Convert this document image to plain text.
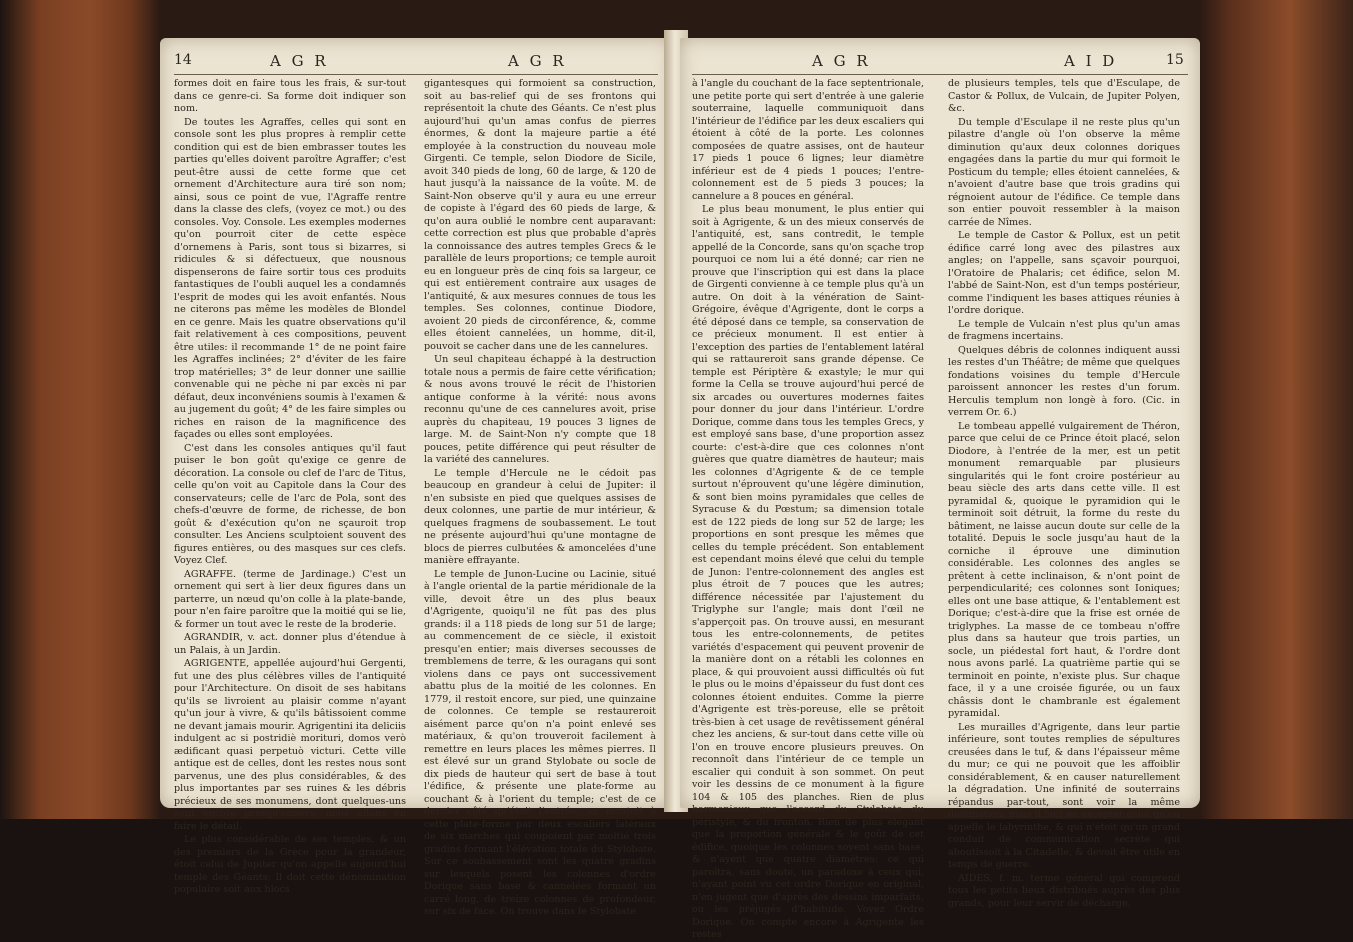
14	A G R	A G R

formes doit en faire tous les frais, & sur-tout dans ce genre-ci. Sa forme doit indiquer son nom.

De toutes les Agraffes, celles qui sont en console sont les plus propres à remplir cette condition qui est de bien embrasser toutes les parties qu'elles doivent paroître Agraffer; c'est peut-être aussi de cette forme que cet ornement d'Architecture aura tiré son nom; ainsi, sous ce point de vue, l'Agraffe rentre dans la classe des clefs, (voyez ce mot.) ou des consoles. Voy. Console. Les exemples modernes qu'on pourroit citer de cette espèce d'ornemens à Paris, sont tous si bizarres, si ridicules & si défectueux, que nousnous dispenserons de faire sortir tous ces produits fantastiques de l'oubli auquel les a condamnés l'esprit de modes qui les avoit enfantés. Nous ne citerons pas même les modèles de Blondel en ce genre. Mais les quatre observations qu'il fait relativement à ces compositions, peuvent être utiles: il recommande 1° de ne point faire les Agraffes inclinées; 2° d'éviter de les faire trop matérielles; 3° de leur donner une saillie convenable qui ne pèche ni par excès ni par défaut, deux inconvéniens soumis à l'examen & au jugement du goût; 4° de les faire simples ou riches en raison de la magnificence des façades ou elles sont employées.

C'est dans les consoles antiques qu'il faut puiser le bon goût qu'exige ce genre de décoration. La console ou clef de l'arc de Titus, celle qu'on voit au Capitole dans la Cour des conservateurs; celle de l'arc de Pola, sont des chefs-d'œuvre de forme, de richesse, de bon goût & d'exécution qu'on ne sçauroit trop consulter. Les Anciens sculptoient souvent des figures entières, ou des masques sur ces clefs. Voyez Clef.

AGRAFFE. (terme de Jardinage.) C'est un ornement qui sert à lier deux figures dans un parterre, un nœud qu'on colle à la plate-bande, pour n'en faire paroître que la moitié qui se lie, & former un tout avec le reste de la broderie.

AGRANDIR, v. act. donner plus d'étendue à un Palais, à un Jardin.

AGRIGENTE, appellée aujourd'hui Gergenti, fut une des plus célèbres villes de l'antiquité pour l'Architecture. On disoit de ses habitans qu'ils se livroient au plaisir comme n'ayant qu'un jour à vivre, & qu'ils bâtissoient comme ne devant jamais mourir. Agrigentini ita deliciis indulgent ac si postridiè morituri, domos verò ædificant quasi perpetuò victuri. Cette ville antique est de celles, dont les restes nous sont parvenus, une des plus considérables, & des plus importantes par ses ruines & les débris précieux de ses monumens, dont quelques-uns sont encore presqu'entiers; nous allons en faire le détail.

Le plus considérable de ses temples, & un des premiers de la Grèce pour la grandeur, étoit celui de Jupiter qu'on appelle aujourd'hui temple des Géants; Il doit cette dénomination populaire soit aux blocs

gigantesques qui formoient sa construction, soit au bas-relief qui de ses frontons qui représentoit la chute des Géants. Ce n'est plus aujourd'hui qu'un amas confus de pierres énormes, & dont la majeure partie a été employée à la construction du nouveau mole Girgenti. Ce temple, selon Diodore de Sicile, avoit 340 pieds de long, 60 de large, & 120 de haut jusqu'à la naissance de la voûte. M. de Saint-Non observe qu'il y aura eu une erreur de copiste à l'égard des 60 pieds de large, & qu'on aura oublié le nombre cent auparavant: cette correction est plus que probable d'après la connoissance des autres temples Grecs & le parallèle de leurs proportions; ce temple auroit eu en longueur près de cinq fois sa largeur, ce qui est entièrement contraire aux usages de l'antiquité, & aux mesures connues de tous les temples. Ses colonnes, continue Diodore, avoient 20 pieds de circonférence, &, comme elles étoient cannelées, un homme, dit-il, pouvoit se cacher dans une de les cannelures.

Un seul chapiteau échappé à la destruction totale nous a permis de faire cette vérification; & nous avons trouvé le récit de l'historien antique conforme à la vérité: nous avons reconnu qu'une de ces cannelures avoit, prise auprès du chapiteau, 19 pouces 3 lignes de large. M. de Saint-Non n'y compte que 18 pouces, petite différence qui peut résulter de la variété des cannelures.

Le temple d'Hercule ne le cédoit pas beaucoup en grandeur à celui de Jupiter: il n'en subsiste en pied que quelques assises de deux colonnes, une partie de mur intérieur, & quelques fragmens de soubassement. Le tout ne présente aujourd'hui qu'une montagne de blocs de pierres culbutées & amoncelées d'une manière effrayante.

Le temple de Junon-Lucine ou Lacinie, situé à l'angle oriental de la partie méridionale de la ville, devoit être un des plus beaux d'Agrigente, quoiqu'il ne fût pas des plus grands: il a 118 pieds de long sur 51 de large; au commencement de ce siècle, il existoit presqu'en entier; mais diverses secousses de tremblemens de terre, & les ouragans qui sont violens dans ce pays ont successivement abattu plus de la moitié de les colonnes. En 1779, il restoit encore, sur pied, une quinzaine de colonnes. Ce temple se restaureroit aisément parce qu'on n'a point enlevé ses matériaux, & qu'on trouveroit facilement à remettre en leurs places les mêmes pierres. Il est élevé sur un grand Stylobate ou socle de dix pieds de hauteur qui sert de base à tout l'édifice, & présente une plate-forme au couchant & à l'orient du temple; c'est de ce dernier côté qu'étoit l'entrée: on montoit à cette plate-forme par deux escaliers latéraux de six marches qui coupoient par moitié trois gradins formant l'élévation totale du Stylobate. Sur ce soubassement sont les quatre gradins sur lesquels posent les colonnes d'ordre Dorique sans base & cannelées formant un carré long, de treize colonnes de profondeur, sur six de face. On trouve dans le Stylobate

A G R	A I D	15

à l'angle du couchant de la face septentrionale, une petite porte qui sert d'entrée à une galerie souterraine, laquelle communiquoit dans l'intérieur de l'édifice par les deux escaliers qui étoient à côté de la porte. Les colonnes composées de quatre assises, ont de hauteur 17 pieds 1 pouce 6 lignes; leur diamètre inférieur est de 4 pieds 1 pouces; l'entre-colonnement est de 5 pieds 3 pouces; la cannelure a 8 pouces en général.

Le plus beau monument, le plus entier qui soit à Agrigente, & un des mieux conservés de l'antiquité, est, sans contredit, le temple appellé de la Concorde, sans qu'on sçache trop pourquoi ce nom lui a été donné; car rien ne prouve que l'inscription qui est dans la place de Girgenti convienne à ce temple plus qu'à un autre. On doit à la vénération de Saint-Grégoire, évêque d'Agrigente, dont le corps a été déposé dans ce temple, sa conservation de ce précieux monument. Il est entier à l'exception des parties de l'entablement latéral qui se rattaureroit sans grande dépense. Ce temple est Périptère & exastyle; le mur qui forme la Cella se trouve aujourd'hui percé de six arcades ou ouvertures modernes faites pour donner du jour dans l'intérieur. L'ordre Dorique, comme dans tous les temples Grecs, y est employé sans base, d'une proportion assez courte: c'est-à-dire que ces colonnes n'ont guères que quatre diamètres de hauteur; mais les colonnes d'Agrigente & de ce temple surtout n'éprouvent qu'une légère diminution, & sont bien moins pyramidales que celles de Syracuse & du Pœstum; sa dimension totale est de 122 pieds de long sur 52 de large; les proportions en sont presque les mêmes que celles du temple précédent. Son entablement est cependant moins élevé que celui du temple de Junon: l'entre-colonnement des angles est plus étroit de 7 pouces que les autres; différence nécessitée par l'ajustement du Triglyphe sur l'angle; mais dont l'œil ne s'apperçoit pas. On trouve aussi, en mesurant tous les entre-colonnements, de petites variétés d'espacement qui peuvent provenir de la manière dont on a rétabli les colonnes en place, & qui prouvoient aussi difficultés où fut le plus ou le moins d'épaisseur du fust dont ces colonnes étoient enduites. Comme la pierre d'Agrigente est très-poreuse, elle se prêtoit très-bien à cet usage de revêtissement général chez les anciens, & sur-tout dans cette ville où l'on en trouve encore plusieurs preuves. On reconnoît dans l'intérieur de ce temple un escalier qui conduit à son sommet. On peut voir les dessins de ce monument à la figure 104 & 105 des planches. Rien de plus harmonieux que l'accord du Stylobate du péristyle, & du fronton. Rien de plus élégant que la proportion générale & le goût de cet édifice, quoique les colonnes soyent sans base, & n'ayent que quatre diamètres: ce qui paroîtra, sans doute, un paradoxe à ceux qui, n'ayant point vu cet ordre Dorique en original, n'en jugent que d'après des dessins imparfaits, ou les préjugés d'habitude. Voyez Ordre Dorique. On compte encore à Agrigente les restes

de plusieurs temples, tels que d'Esculape, de Castor & Pollux, de Vulcain, de Jupiter Polyen, &c.

Du temple d'Esculape il ne reste plus qu'un pilastre d'angle où l'on observe la même diminution qu'aux deux colonnes doriques engagées dans la partie du mur qui formoit le Posticum du temple; elles étoient cannelées, & n'avoient d'autre base que trois gradins qui régnoient autour de l'édifice. Ce temple dans son entier pouvoit ressembler à la maison carrée de Nîmes.

Le temple de Castor & Pollux, est un petit édifice carré long avec des pilastres aux angles; on l'appelle, sans sçavoir pourquoi, l'Oratoire de Phalaris; cet édifice, selon M. l'abbé de Saint-Non, est d'un temps postérieur, comme l'indiquent les bases attiques réunies à l'ordre dorique.

Le temple de Vulcain n'est plus qu'un amas de fragmens incertains.

Quelques débris de colonnes indiquent aussi les restes d'un Théâtre; de même que quelques fondations voisines du temple d'Hercule paroissent annoncer les restes d'un forum. Herculis templum non longè à foro. (Cic. in verrem Or. 6.)

Le tombeau appellé vulgairement de Théron, parce que celui de ce Prince étoit placé, selon Diodore, à l'entrée de la mer, est un petit monument remarquable par plusieurs singularités qui le font croire postérieur au beau siècle des arts dans cette ville. Il est pyramidal &, quoique le pyramidion qui le terminoit soit détruit, la forme du reste du bâtiment, ne laisse aucun doute sur celle de la totalité. Depuis le socle jusqu'au haut de la corniche il éprouve une diminution considérable. Les colonnes des angles se prêtent à cette inclinaison, & n'ont point de perpendicularité; ces colonnes sont Ioniques; elles ont une base attique, & l'entablement est Dorique; c'est-à-dire que la frise est ornée de triglyphes. La masse de ce tombeau n'offre plus dans sa hauteur que trois parties, un socle, un piédestal fort haut, & l'ordre dont nous avons parlé. La quatrième partie qui se terminoit en pointe, n'existe plus. Sur chaque face, il y a une croisée figurée, ou un faux châssis dont le chambranle est également pyramidal.

Les murailles d'Agrigente, dans leur partie inférieure, sont toutes remplies de sépultures creusées dans le tuf, & dans l'épaisseur même du mur; ce qui ne pouvoit que les affoiblir considérablement, & en causer naturellement la dégradation. Une infinité de souterrains répandus par-tout, sont voir la même destination; mais il faut en excepter celui qu'on appelle le labyrinthe, & qui n'étoit qu'un grand conduit de communication secrète qui aboutissoit à la Citadelle, & devoit être utile en temps de guerre.

AIDES, f. m. terme général qui comprend tous les petits lieux distribués auprès des plus grands, pour leur servir de décharge.
